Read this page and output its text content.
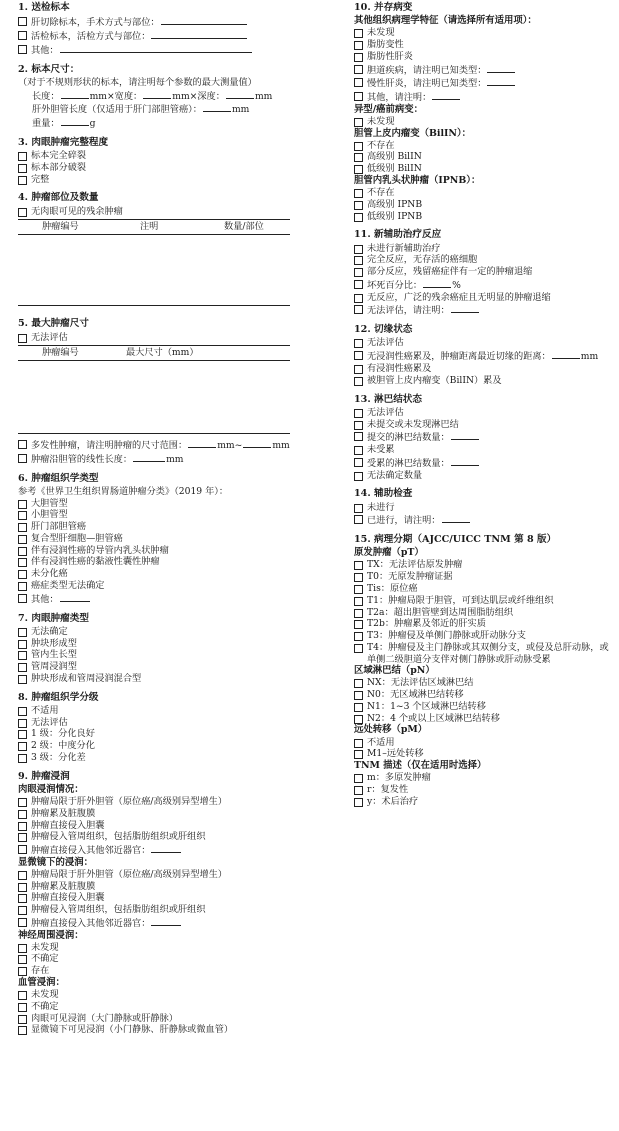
1. 送检标本
肝切除标本，手术方式与部位：
活检标本，活检方式与部位：
其他：
2. 标本尺寸：
（对于不规则形状的标本，请注明每个参数的最大测量值）
长度：	mm×宽度：	mm×深度：	mm
肝外胆管长度（仅适用于肝门部胆管癌）：	mm
重量：	g
3. 肉眼肿瘤完整程度
标本完全碎裂
标本部分破裂
完整
4. 肿瘤部位及数量
无肉眼可见的残余肿瘤
肿瘤编号	注明	数量/部位
5. 最大肿瘤尺寸
无法评估
肿瘤编号	最大尺寸（mm）
多发性肿瘤，请注明肿瘤的尺寸范围：	mm~	mm
肿瘤沿胆管的线性长度：	mm
6. 肿瘤组织学类型
参考《世界卫生组织胃肠道肿瘤分类》（2019 年）：
大胆管型
小胆管型
肝门部胆管癌
复合型肝细胞—胆管癌
伴有浸润性癌的导管内乳头状肿瘤
伴有浸润性癌的黏液性囊性肿瘤
未分化癌
癌症类型无法确定
其他：
7. 肉眼肿瘤类型
无法确定
肿块形成型
管内生长型
管周浸润型
肿块形成和管周浸润混合型
8. 肿瘤组织学分级
不适用
无法评估
1 级：分化良好
2 级：中度分化
3 级：分化差
9. 肿瘤浸润
肉眼浸润情况：
肿瘤局限于肝外胆管（原位癌/高级别异型增生）
肿瘤累及脏腹膜
肿瘤直接侵入胆囊
肿瘤侵入管周组织，包括脂肪组织或肝组织
肿瘤直接侵入其他邻近器官：
显微镜下的浸润：
肿瘤局限于肝外胆管（原位癌/高级别异型增生）
肿瘤累及脏腹膜
肿瘤直接侵入胆囊
肿瘤侵入管周组织，包括脂肪组织或肝组织
肿瘤直接侵入其他邻近器官：
神经周围浸润：
未发现
不确定
存在
血管浸润：
未发现
不确定
肉眼可见浸润（大门静脉或肝静脉）
显微镜下可见浸润（小门静脉、肝静脉或微血管）
10. 并存病变
其他组织病理学特征（请选择所有适用项）：
未发现
脂肪变性
脂肪性肝炎
胆道疾病，请注明已知类型：
慢性肝炎，请注明已知类型：
其他，请注明：
异型/癌前病变：
未发现
胆管上皮内瘤变（BilIN）：
不存在
高级别 BilIN
低级别 BilIN
胆管内乳头状肿瘤（IPNB）：
不存在
高级别 IPNB
低级别 IPNB
11. 新辅助治疗反应
未进行新辅助治疗
完全反应，无存活的癌细胞
部分反应，残留癌症伴有一定的肿瘤退缩
坏死百分比：	%
无反应，广泛的残余癌症且无明显的肿瘤退缩
无法评估，请注明：
12. 切缘状态
无法评估
无浸润性癌累及，肿瘤距离最近切缘的距离：	mm
有浸润性癌累及
被胆管上皮内瘤变（BilIN）累及
13. 淋巴结状态
无法评估
未提交或未发现淋巴结
提交的淋巴结数量：
未受累
受累的淋巴结数量：
无法确定数量
14. 辅助检查
未进行
已进行，请注明：
15. 病理分期（AJCC/UICC TNM 第 8 版）
原发肿瘤（pT）
TX：无法评估原发肿瘤
T0：无原发肿瘤证据
Tis：原位癌
T1：肿瘤局限于胆管，可到达肌层或纤维组织
T2a：超出胆管壁到达周围脂肪组织
T2b：肿瘤累及邻近的肝实质
T3：肿瘤侵及单侧门静脉或肝动脉分支
T4：肿瘤侵及主门静脉或其双侧分支，或侵及总肝动脉，或单侧二级胆道分支伴对侧门静脉或肝动脉受累
区域淋巴结（pN）
NX：无法评估区域淋巴结
N0：无区域淋巴结转移
N1：1~3 个区域淋巴结转移
N2：4 个或以上区域淋巴结转移
远处转移（pM）
不适用
M1–远处转移
TNM 描述（仅在适用时选择）
m：多原发肿瘤
r：复发性
y：术后治疗
